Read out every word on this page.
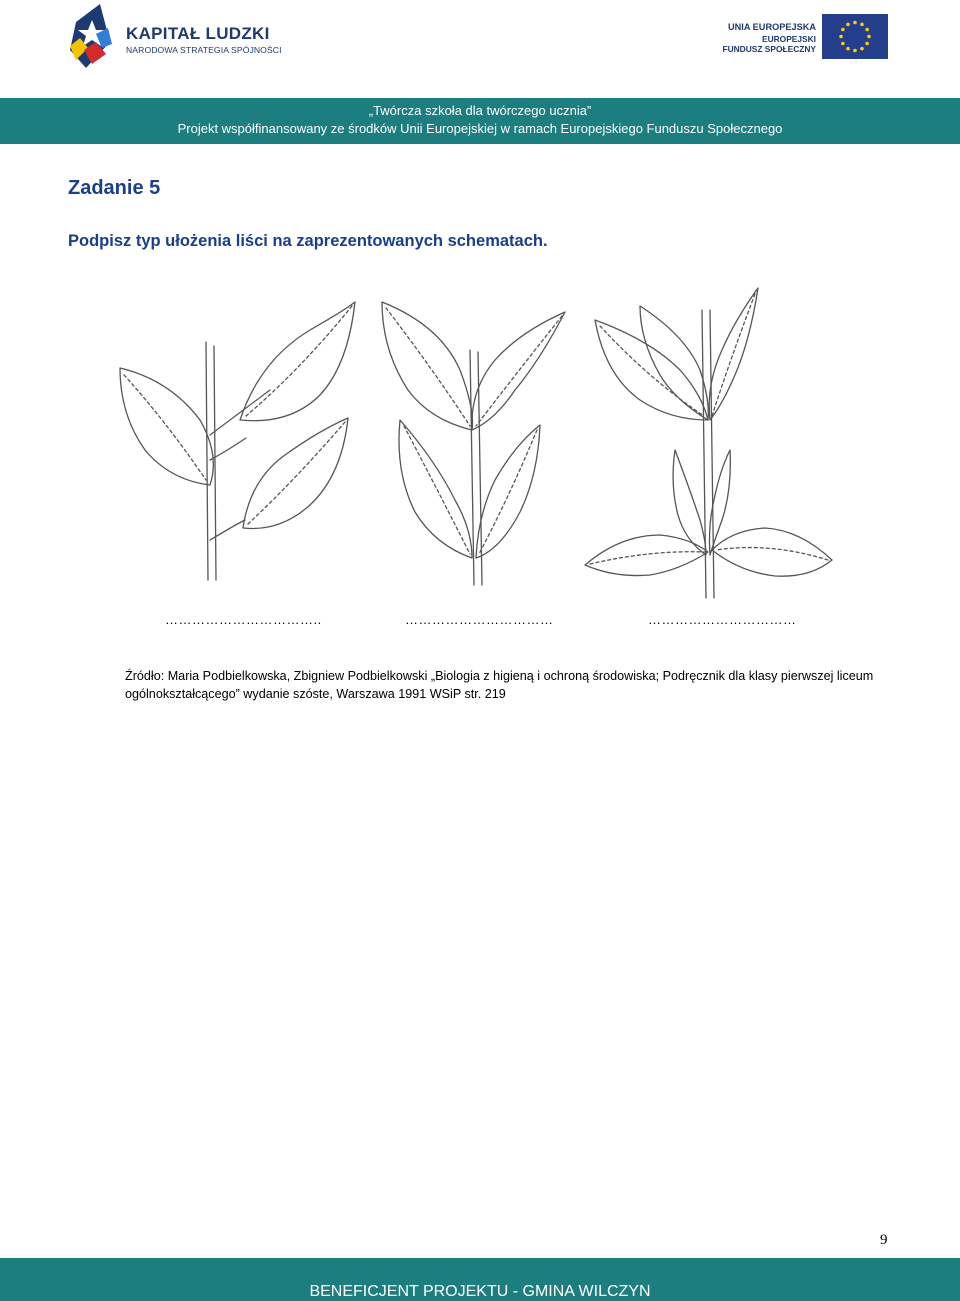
KAPITAŁ LUDZKI
NARODOWA STRATEGIA SPÓJNOŚCI
UNIA EUROPEJSKA
EUROPEJSKI
FUNDUSZ SPOŁECZNY
„Twórcza szkoła dla twórczego ucznia”
Projekt współfinansowany ze środków Unii Europejskiej w ramach Europejskiego Funduszu Społecznego
Zadanie 5
Podpisz typ ułożenia liści na zaprezentowanych schematach.
……………………………..	……………………………	……………………………
Źródło: Maria Podbielkowska, Zbigniew Podbielkowski „Biologia z higieną i ochroną środowiska; Podręcznik dla klasy pierwszej liceum ogólnokształcącego” wydanie szóste, Warszawa 1991 WSiP str. 219
9
BENEFICJENT PROJEKTU - GMINA WILCZYN
